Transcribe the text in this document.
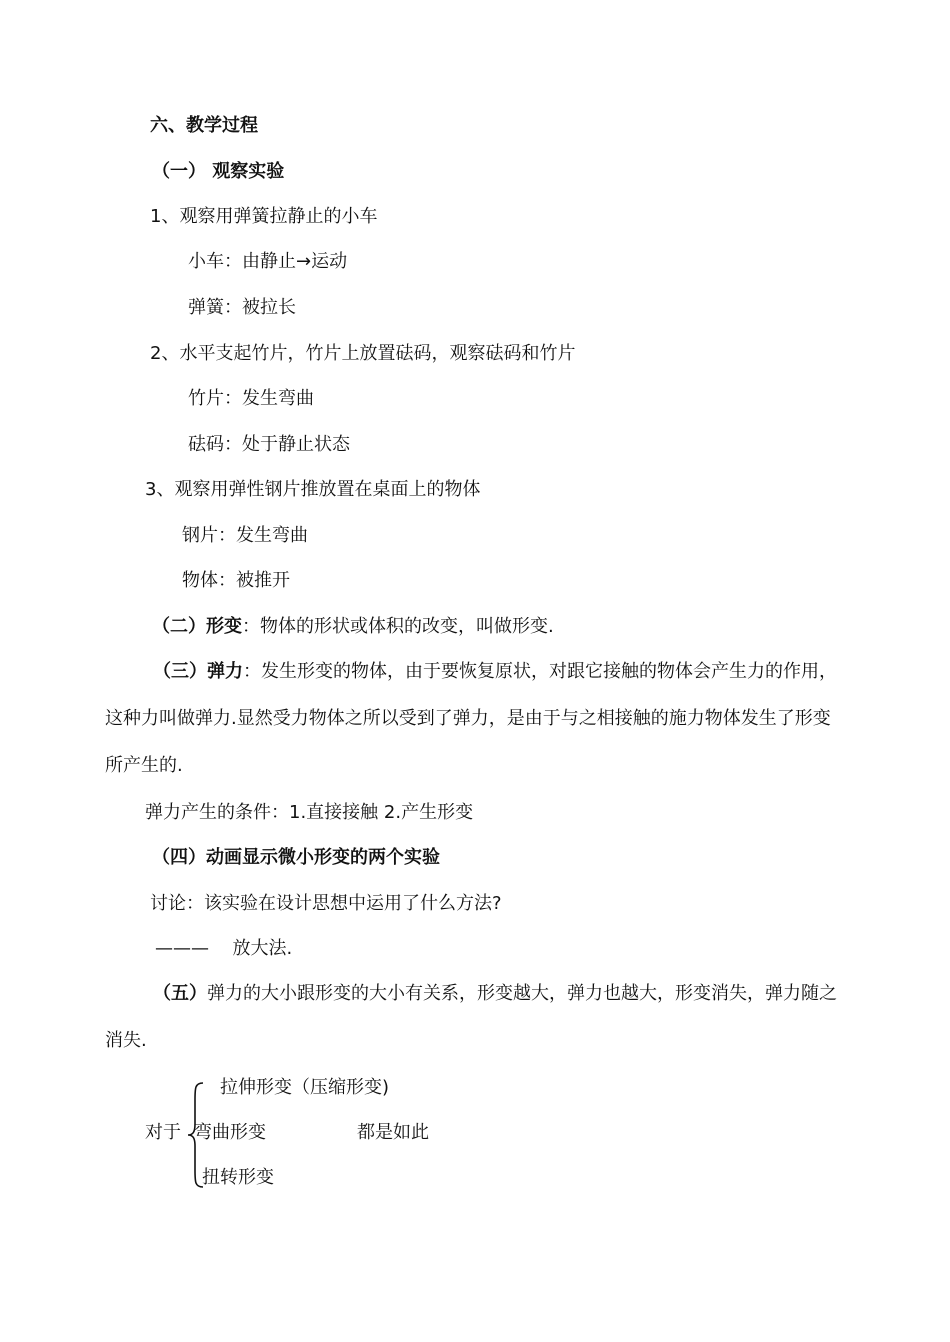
六、教学过程
（一） 观察实验
1、观察用弹簧拉静止的小车
小车：由静止→运动
弹簧：被拉长
2、水平支起竹片，竹片上放置砝码，观察砝码和竹片
竹片：发生弯曲
砝码：处于静止状态
3、观察用弹性钢片推放置在桌面上的物体
钢片：发生弯曲
物体：被推开
（二）形变：物体的形状或体积的改变，叫做形变.
（三）弹力：发生形变的物体，由于要恢复原状，对跟它接触的物体会产生力的作用，这种力叫做弹力.显然受力物体之所以受到了弹力，是由于与之相接触的施力物体发生了形变所产生的.
弹力产生的条件：1.直接接触 2.产生形变
（四）动画显示微小形变的两个实验
讨论：该实验在设计思想中运用了什么方法?
——— 放大法.
（五）弹力的大小跟形变的大小有关系，形变越大，弹力也越大，形变消失，弹力随之消失.
拉伸形变（压缩形变)
对于 弯曲形变	都是如此
扭转形变
